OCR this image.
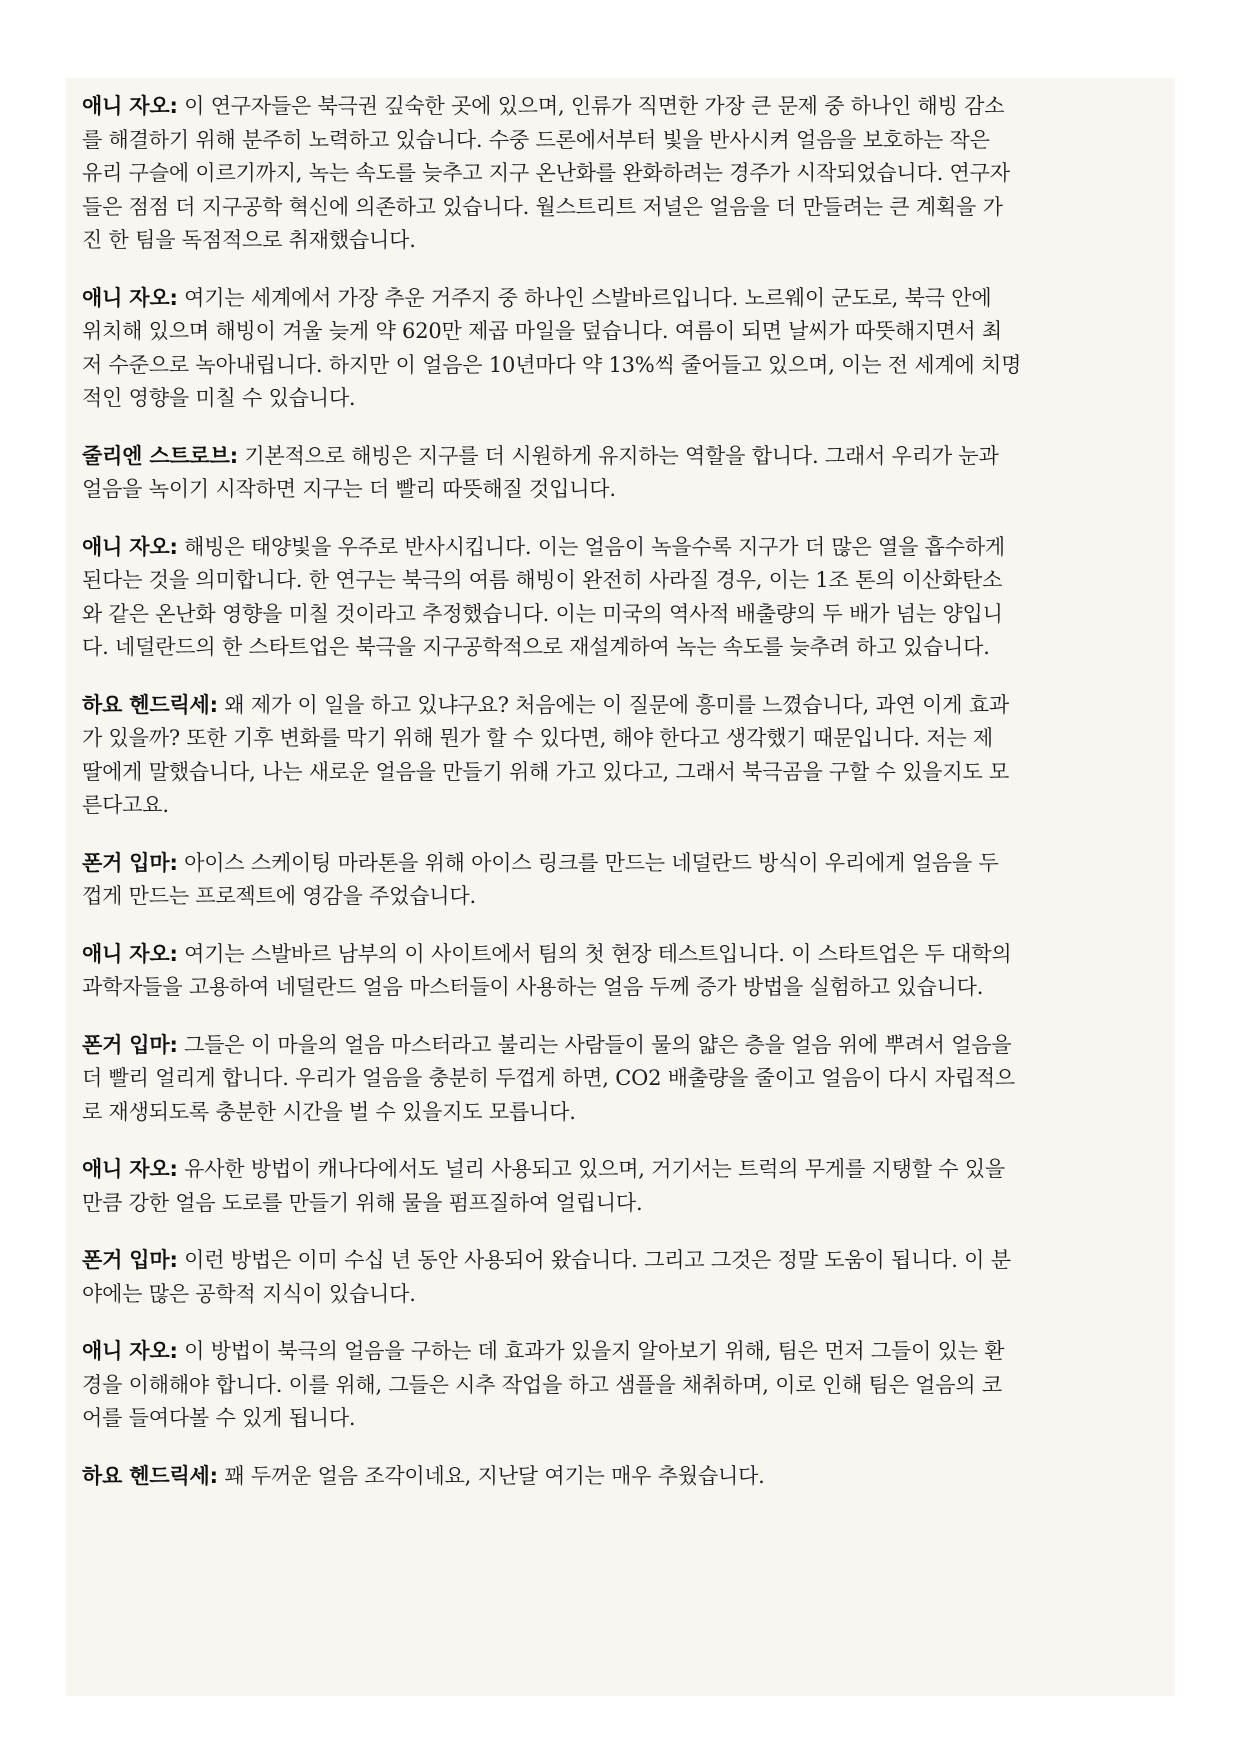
애니 자오: 이 연구자들은 북극권 깊숙한 곳에 있으며, 인류가 직면한 가장 큰 문제 중 하나인 해빙 감소
를 해결하기 위해 분주히 노력하고 있습니다. 수중 드론에서부터 빛을 반사시켜 얼음을 보호하는 작은
유리 구슬에 이르기까지, 녹는 속도를 늦추고 지구 온난화를 완화하려는 경주가 시작되었습니다. 연구자
들은 점점 더 지구공학 혁신에 의존하고 있습니다. 월스트리트 저널은 얼음을 더 만들려는 큰 계획을 가
진 한 팀을 독점적으로 취재했습니다.

애니 자오: 여기는 세계에서 가장 추운 거주지 중 하나인 스발바르입니다. 노르웨이 군도로, 북극 안에
위치해 있으며 해빙이 겨울 늦게 약 620만 제곱 마일을 덮습니다. 여름이 되면 날씨가 따뜻해지면서 최
저 수준으로 녹아내립니다. 하지만 이 얼음은 10년마다 약 13%씩 줄어들고 있으며, 이는 전 세계에 치명
적인 영향을 미칠 수 있습니다.

줄리엔 스트로브: 기본적으로 해빙은 지구를 더 시원하게 유지하는 역할을 합니다. 그래서 우리가 눈과
얼음을 녹이기 시작하면 지구는 더 빨리 따뜻해질 것입니다.

애니 자오: 해빙은 태양빛을 우주로 반사시킵니다. 이는 얼음이 녹을수록 지구가 더 많은 열을 흡수하게
된다는 것을 의미합니다. 한 연구는 북극의 여름 해빙이 완전히 사라질 경우, 이는 1조 톤의 이산화탄소
와 같은 온난화 영향을 미칠 것이라고 추정했습니다. 이는 미국의 역사적 배출량의 두 배가 넘는 양입니
다. 네덜란드의 한 스타트업은 북극을 지구공학적으로 재설계하여 녹는 속도를 늦추려 하고 있습니다.

하요 헨드릭세: 왜 제가 이 일을 하고 있냐구요? 처음에는 이 질문에 흥미를 느꼈습니다, 과연 이게 효과
가 있을까? 또한 기후 변화를 막기 위해 뭔가 할 수 있다면, 해야 한다고 생각했기 때문입니다. 저는 제
딸에게 말했습니다, 나는 새로운 얼음을 만들기 위해 가고 있다고, 그래서 북극곰을 구할 수 있을지도 모
른다고요.

폰거 입마: 아이스 스케이팅 마라톤을 위해 아이스 링크를 만드는 네덜란드 방식이 우리에게 얼음을 두
껍게 만드는 프로젝트에 영감을 주었습니다.

애니 자오: 여기는 스발바르 남부의 이 사이트에서 팀의 첫 현장 테스트입니다. 이 스타트업은 두 대학의
과학자들을 고용하여 네덜란드 얼음 마스터들이 사용하는 얼음 두께 증가 방법을 실험하고 있습니다.

폰거 입마: 그들은 이 마을의 얼음 마스터라고 불리는 사람들이 물의 얇은 층을 얼음 위에 뿌려서 얼음을
더 빨리 얼리게 합니다. 우리가 얼음을 충분히 두껍게 하면, CO2 배출량을 줄이고 얼음이 다시 자립적으
로 재생되도록 충분한 시간을 벌 수 있을지도 모릅니다.

애니 자오: 유사한 방법이 캐나다에서도 널리 사용되고 있으며, 거기서는 트럭의 무게를 지탱할 수 있을
만큼 강한 얼음 도로를 만들기 위해 물을 펌프질하여 얼립니다.

폰거 입마: 이런 방법은 이미 수십 년 동안 사용되어 왔습니다. 그리고 그것은 정말 도움이 됩니다. 이 분
야에는 많은 공학적 지식이 있습니다.

애니 자오: 이 방법이 북극의 얼음을 구하는 데 효과가 있을지 알아보기 위해, 팀은 먼저 그들이 있는 환
경을 이해해야 합니다. 이를 위해, 그들은 시추 작업을 하고 샘플을 채취하며, 이로 인해 팀은 얼음의 코
어를 들여다볼 수 있게 됩니다.

하요 헨드릭세: 꽤 두꺼운 얼음 조각이네요, 지난달 여기는 매우 추웠습니다.
